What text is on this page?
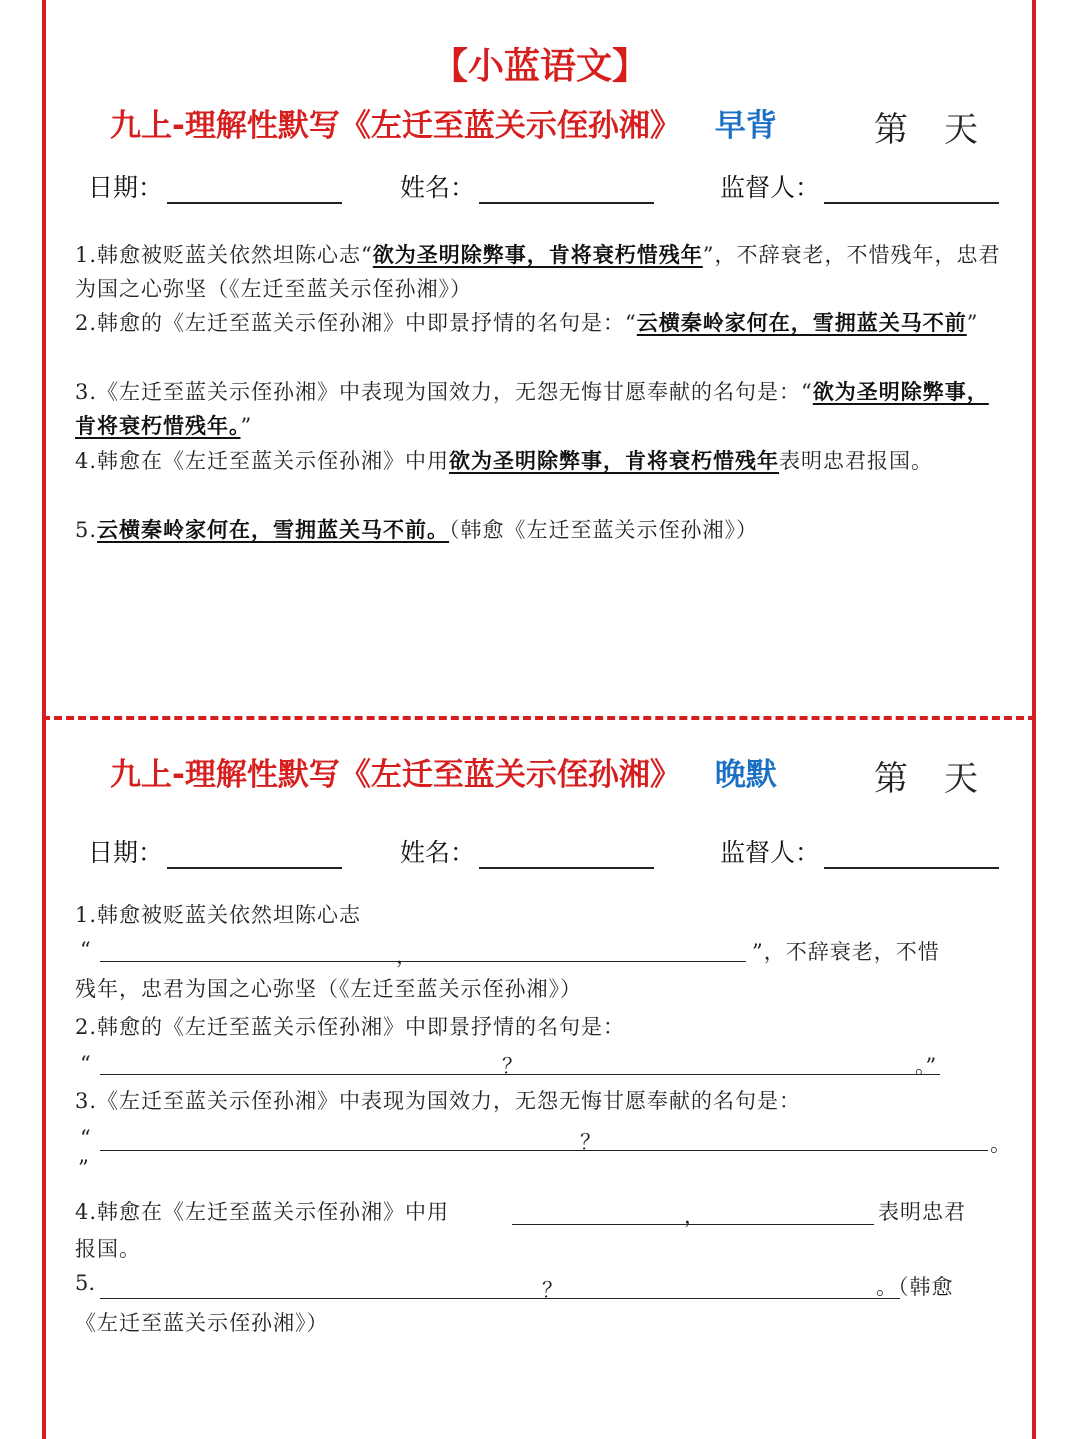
【小蓝语文】
九上-理解性默写《左迁至蓝关示侄孙湘》 早背	第 天
日期：	姓名：	监督人：
1.韩愈被贬蓝关依然坦陈心志“欲为圣明除弊事，肯将衰朽惜残年”，不辞衰老，不惜残年，忠君为国之心弥坚（《左迁至蓝关示侄孙湘》）
2.韩愈的《左迁至蓝关示侄孙湘》中即景抒情的名句是：“云横秦岭家何在，雪拥蓝关马不前”
3.《左迁至蓝关示侄孙湘》中表现为国效力，无怨无悔甘愿奉献的名句是：“欲为圣明除弊事，肯将衰朽惜残年。”
4.韩愈在《左迁至蓝关示侄孙湘》中用欲为圣明除弊事，肯将衰朽惜残年表明忠君报国。
5.云横秦岭家何在，雪拥蓝关马不前。（韩愈《左迁至蓝关示侄孙湘》）
九上-理解性默写《左迁至蓝关示侄孙湘》 晚默	第 天
日期：	姓名：	监督人：
1.韩愈被贬蓝关依然坦陈心志
“	，	”，不辞衰老，不惜
残年，忠君为国之心弥坚（《左迁至蓝关示侄孙湘》）
2.韩愈的《左迁至蓝关示侄孙湘》中即景抒情的名句是：
“	？	。”
3.《左迁至蓝关示侄孙湘》中表现为国效力，无怨无悔甘愿奉献的名句是：
“	？	。
”
4.韩愈在《左迁至蓝关示侄孙湘》中用	，	表明忠君
报国。
5.	？	。（韩愈
《左迁至蓝关示侄孙湘》）
